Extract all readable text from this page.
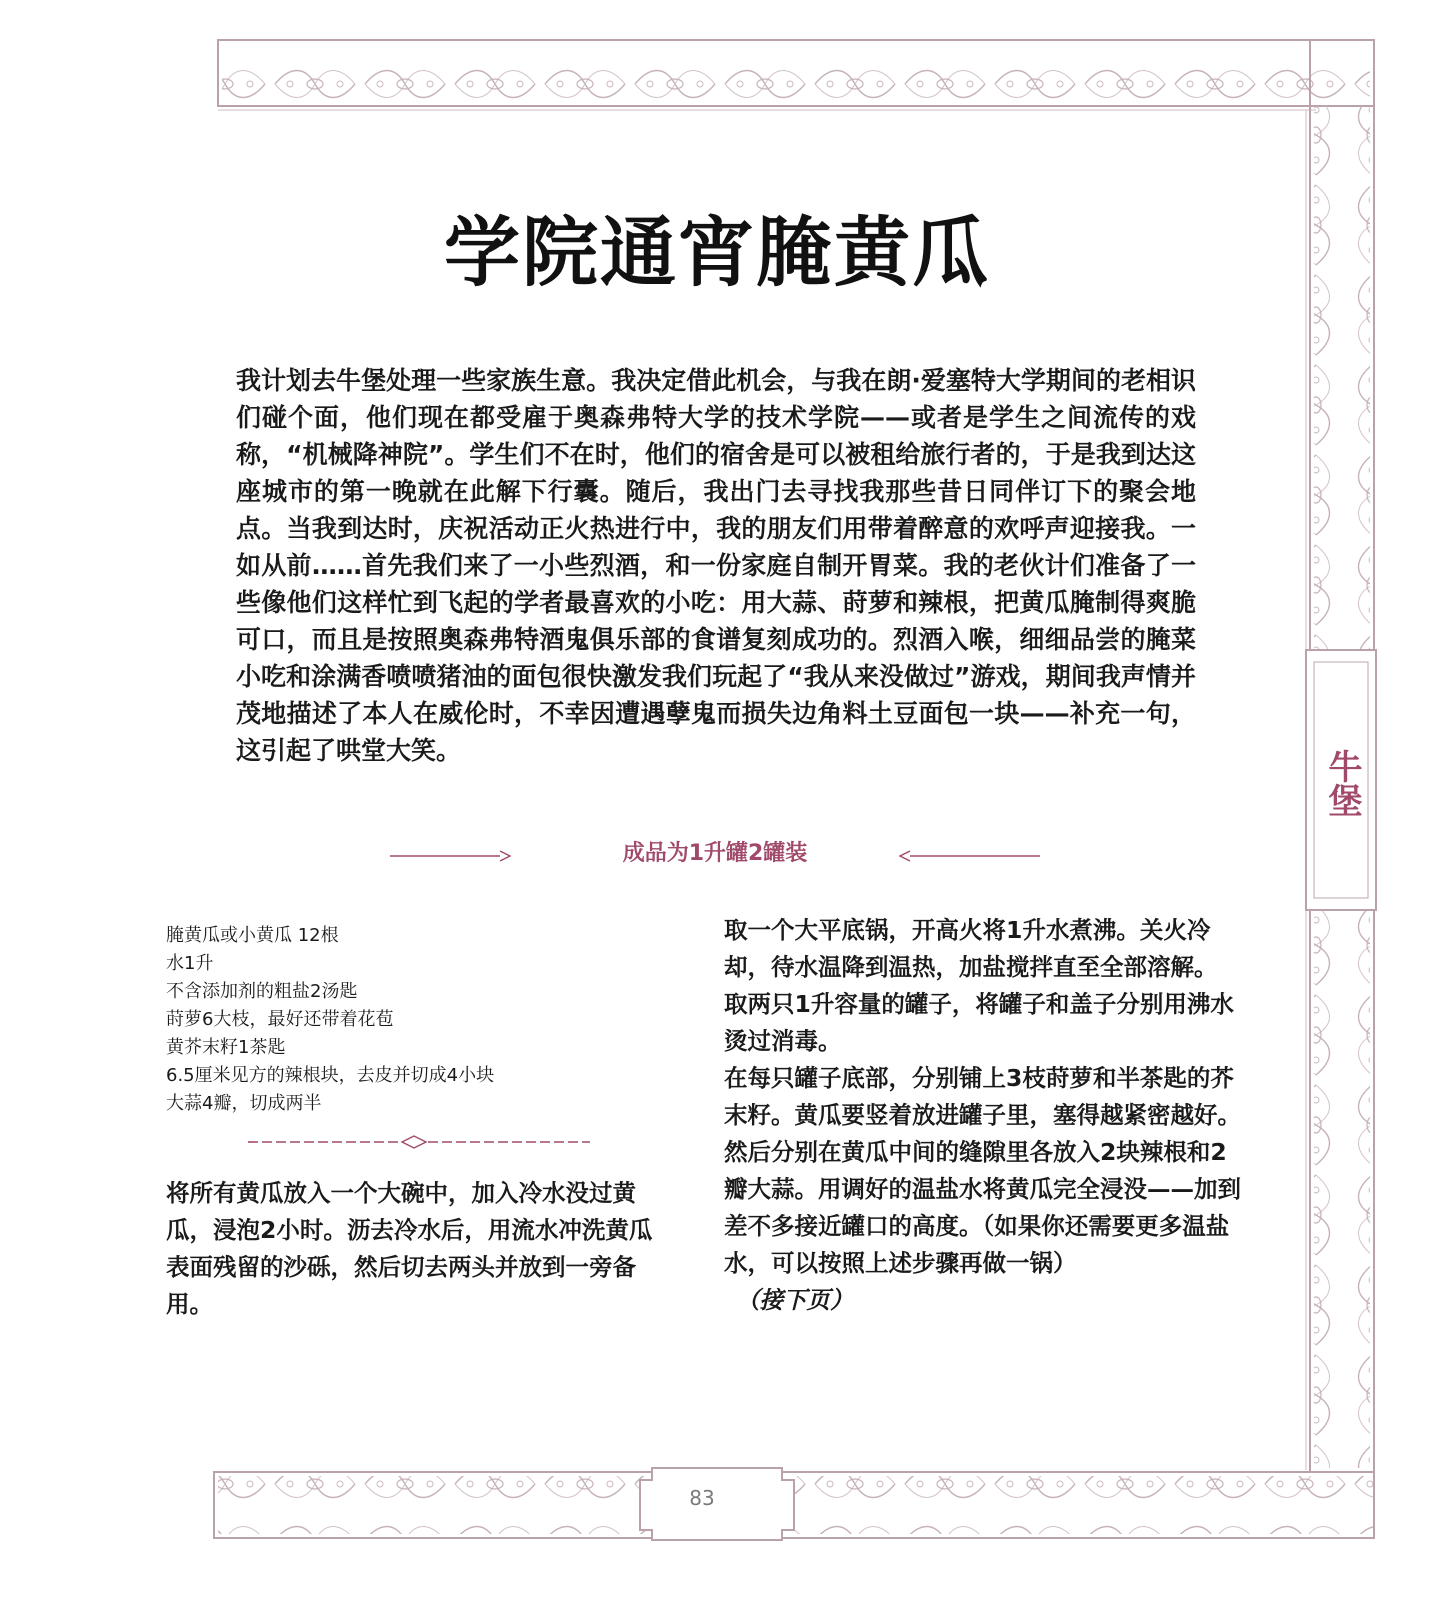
学院通宵腌黄瓜
我计划去牛堡处理一些家族生意。我决定借此机会，与我在朗·爱塞特大学期间的老相识们碰个面，他们现在都受雇于奥森弗特大学的技术学院——或者是学生之间流传的戏称，“机械降神院”。学生们不在时，他们的宿舍是可以被租给旅行者的，于是我到达这座城市的第一晚就在此解下行囊。随后，我出门去寻找我那些昔日同伴订下的聚会地点。当我到达时，庆祝活动正火热进行中，我的朋友们用带着醉意的欢呼声迎接我。一如从前……首先我们来了一小些烈酒，和一份家庭自制开胃菜。我的老伙计们准备了一些像他们这样忙到飞起的学者最喜欢的小吃：用大蒜、莳萝和辣根，把黄瓜腌制得爽脆可口，而且是按照奥森弗特酒鬼俱乐部的食谱复刻成功的。烈酒入喉，细细品尝的腌菜小吃和涂满香喷喷猪油的面包很快激发我们玩起了“我从来没做过”游戏，期间我声情并茂地描述了本人在威伦时，不幸因遭遇孽鬼而损失边角料土豆面包一块——补充一句，这引起了哄堂大笑。
成品为1升罐2罐装
腌黄瓜或小黄瓜 12根
水1升
不含添加剂的粗盐2汤匙
莳萝6大枝，最好还带着花苞
黄芥末籽1茶匙
6.5厘米见方的辣根块，去皮并切成4小块
大蒜4瓣，切成两半
将所有黄瓜放入一个大碗中，加入冷水没过黄瓜，浸泡2小时。沥去冷水后，用流水冲洗黄瓜表面残留的沙砾，然后切去两头并放到一旁备用。

取一个大平底锅，开高火将1升水煮沸。关火冷却，待水温降到温热，加盐搅拌直至全部溶解。

取两只1升容量的罐子，将罐子和盖子分别用沸水烫过消毒。

在每只罐子底部，分别铺上3枝莳萝和半茶匙的芥末籽。黄瓜要竖着放进罐子里，塞得越紧密越好。然后分别在黄瓜中间的缝隙里各放入2块辣根和2瓣大蒜。用调好的温盐水将黄瓜完全浸没——加到差不多接近罐口的高度。（如果你还需要更多温盐水，可以按照上述步骤再做一锅）

（接下页）

牛堡
83
